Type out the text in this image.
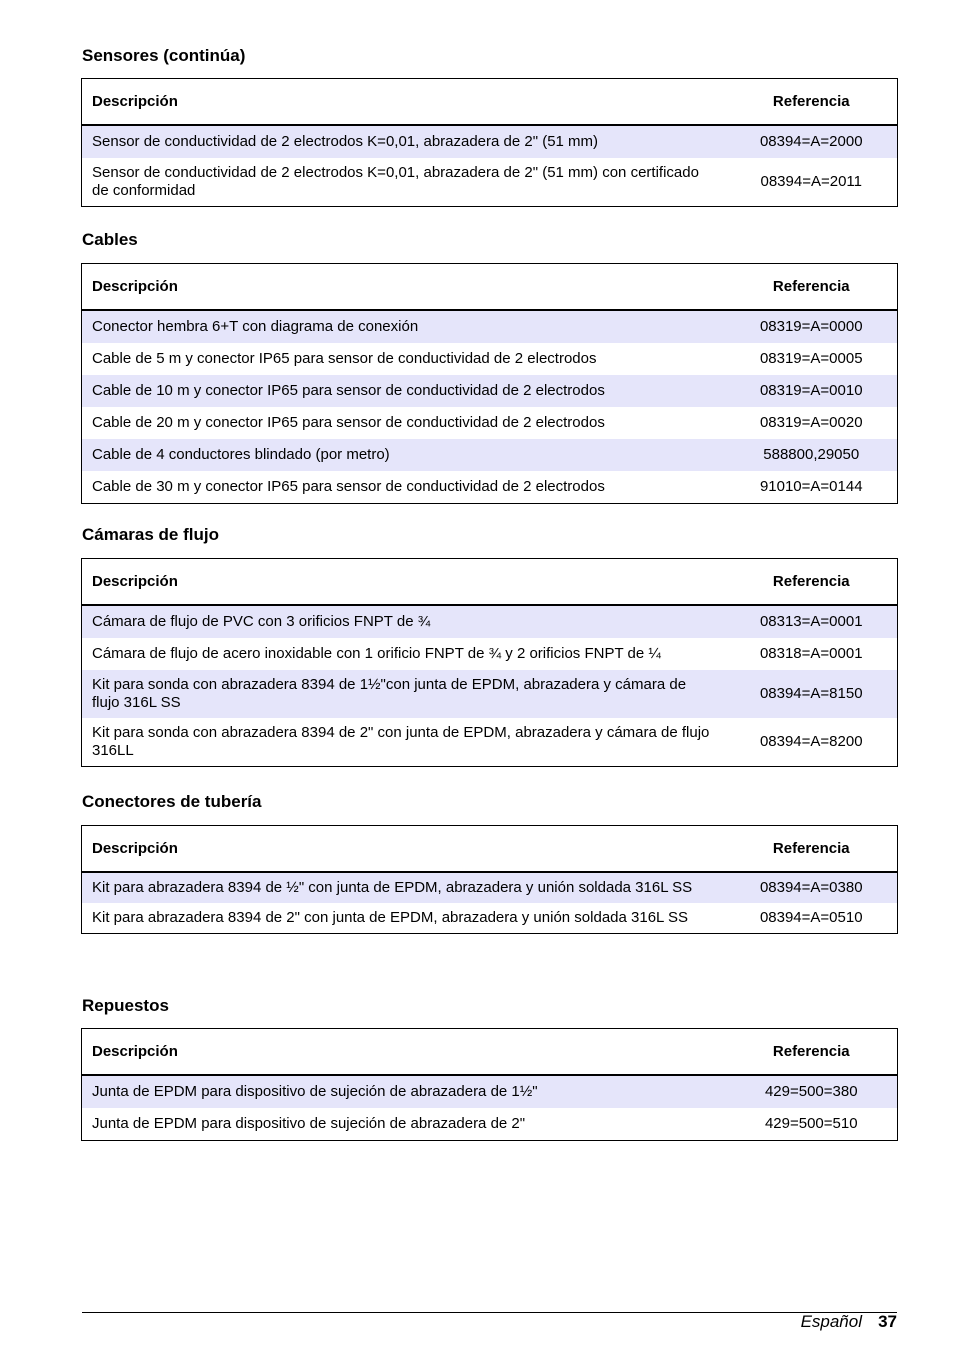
Sensores (continúa)
Descripción	Referencia
Sensor de conductividad de 2 electrodos K=0,01, abrazadera de 2" (51 mm)	08394=A=2000
Sensor de conductividad de 2 electrodos K=0,01, abrazadera de 2" (51 mm) con certificado de conformidad	08394=A=2011
Cables
Descripción	Referencia
Conector hembra 6+T con diagrama de conexión	08319=A=0000
Cable de 5 m y conector IP65 para sensor de conductividad de 2 electrodos	08319=A=0005
Cable de 10 m y conector IP65 para sensor de conductividad de 2 electrodos	08319=A=0010
Cable de 20 m y conector IP65 para sensor de conductividad de 2 electrodos	08319=A=0020
Cable de 4 conductores blindado (por metro)	588800,29050
Cable de 30 m y conector IP65 para sensor de conductividad de 2 electrodos	91010=A=0144
Cámaras de flujo
Descripción	Referencia
Cámara de flujo de PVC con 3 orificios FNPT de ¾	08313=A=0001
Cámara de flujo de acero inoxidable con 1 orificio FNPT de ¾ y 2 orificios FNPT de ¼	08318=A=0001
Kit para sonda con abrazadera 8394 de 1½"con junta de EPDM, abrazadera y cámara de flujo 316L SS	08394=A=8150
Kit para sonda con abrazadera 8394 de 2" con junta de EPDM, abrazadera y cámara de flujo 316LL	08394=A=8200
Conectores de tubería
Descripción	Referencia
Kit para abrazadera 8394 de ½" con junta de EPDM, abrazadera y unión soldada 316L SS	08394=A=0380
Kit para abrazadera 8394 de 2" con junta de EPDM, abrazadera y unión soldada 316L SS	08394=A=0510
Repuestos
Descripción	Referencia
Junta de EPDM para dispositivo de sujeción de abrazadera de 1½"	429=500=380
Junta de EPDM para dispositivo de sujeción de abrazadera de 2"	429=500=510
Español 37
